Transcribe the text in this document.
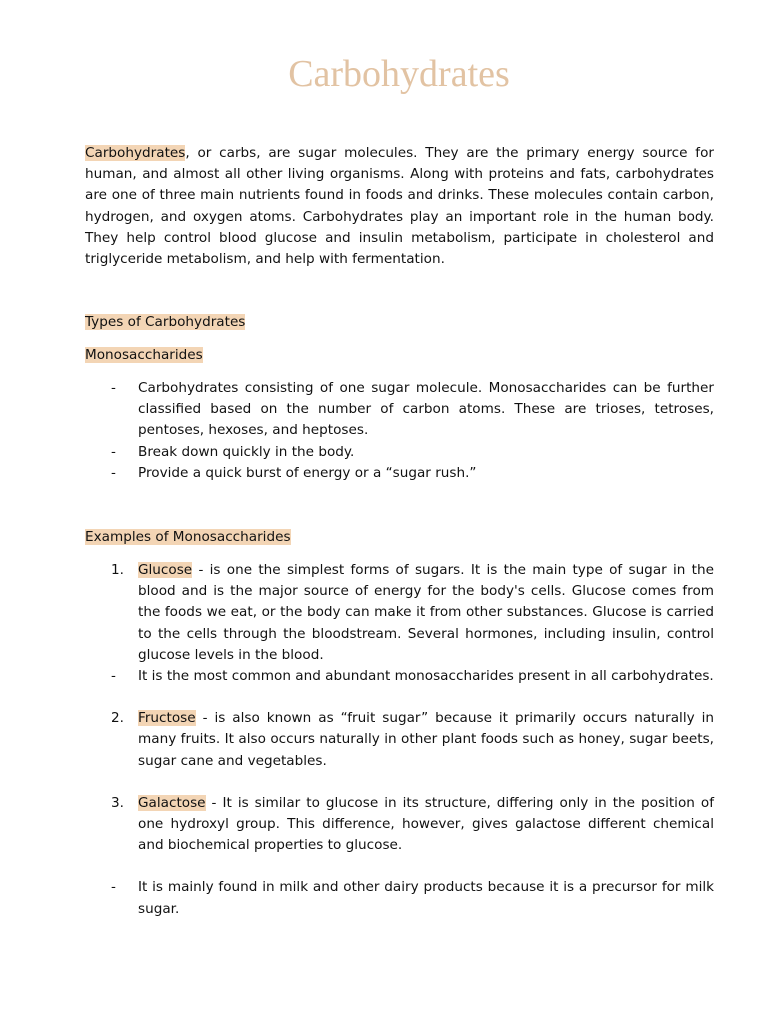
Carbohydrates

Carbohydrates, or carbs, are sugar molecules. They are the primary energy source for human, and almost all other living organisms. Along with proteins and fats, carbohydrates are one of three main nutrients found in foods and drinks. These molecules contain carbon, hydrogen, and oxygen atoms. Carbohydrates play an important role in the human body. They help control blood glucose and insulin metabolism, participate in cholesterol and triglyceride metabolism, and help with fermentation.

Types of Carbohydrates
Monosaccharides
-	Carbohydrates consisting of one sugar molecule. Monosaccharides can be further classified based on the number of carbon atoms. These are trioses, tetroses, pentoses, hexoses, and heptoses.
-	Break down quickly in the body.
-	Provide a quick burst of energy or a “sugar rush.”
Examples of Monosaccharides
1.	Glucose - is one the simplest forms of sugars. It is the main type of sugar in the blood and is the major source of energy for the body's cells. Glucose comes from the foods we eat, or the body can make it from other substances. Glucose is carried to the cells through the bloodstream. Several hormones, including insulin, control glucose levels in the blood.
-	It is the most common and abundant monosaccharides present in all carbohydrates.
2.	Fructose - is also known as “fruit sugar” because it primarily occurs naturally in many fruits. It also occurs naturally in other plant foods such as honey, sugar beets, sugar cane and vegetables.
3.	Galactose - It is similar to glucose in its structure, differing only in the position of one hydroxyl group. This difference, however, gives galactose different chemical and biochemical properties to glucose.
-	It is mainly found in milk and other dairy products because it is a precursor for milk sugar.
